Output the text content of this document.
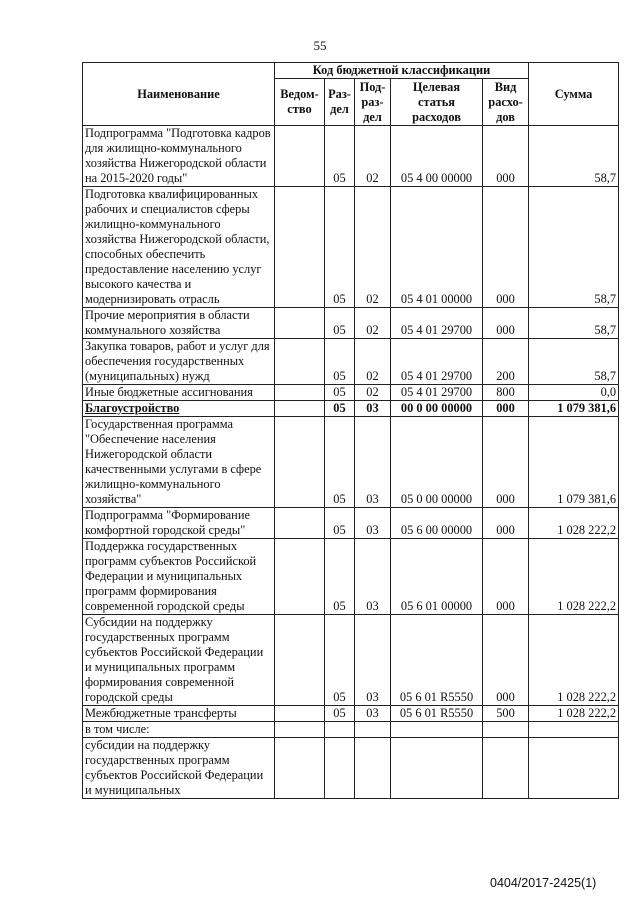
55
Наименование	Код бюджетной классификации					Сумма
	Ведом-ство	Раз-дел	Под-раз-дел	Целевая статья расходов	Вид расхо-дов	
Подпрограмма "Подготовка кадров для жилищно-коммунального хозяйства Нижегородской области на 2015-2020 годы"		05	02	05 4 00 00000	000	58,7
Подготовка квалифицированных рабочих и специалистов сферы жилищно-коммунального хозяйства Нижегородской области, способных обеспечить предоставление населению услуг высокого качества и модернизировать отрасль		05	02	05 4 01 00000	000	58,7
Прочие мероприятия в области коммунального хозяйства		05	02	05 4 01 29700	000	58,7
Закупка товаров, работ и услуг для обеспечения государственных (муниципальных) нужд		05	02	05 4 01 29700	200	58,7
Иные бюджетные ассигнования		05	02	05 4 01 29700	800	0,0
Благоустройство		05	03	00 0 00 00000	000	1 079 381,6
Государственная программа "Обеспечение населения Нижегородской области качественными услугами в сфере жилищно-коммунального хозяйства"		05	03	05 0 00 00000	000	1 079 381,6
Подпрограмма "Формирование комфортной городской среды"		05	03	05 6 00 00000	000	1 028 222,2
Поддержка государственных программ субъектов Российской Федерации и муниципальных программ формирования современной городской среды		05	03	05 6 01 00000	000	1 028 222,2
Субсидии на поддержку государственных программ субъектов Российской Федерации и муниципальных программ формирования современной городской среды		05	03	05 6 01 R5550	000	1 028 222,2
Межбюджетные трансферты		05	03	05 6 01 R5550	500	1 028 222,2
в том числе:						
субсидии на поддержку государственных программ субъектов Российской Федерации и муниципальных						
0404/2017-2425(1)
